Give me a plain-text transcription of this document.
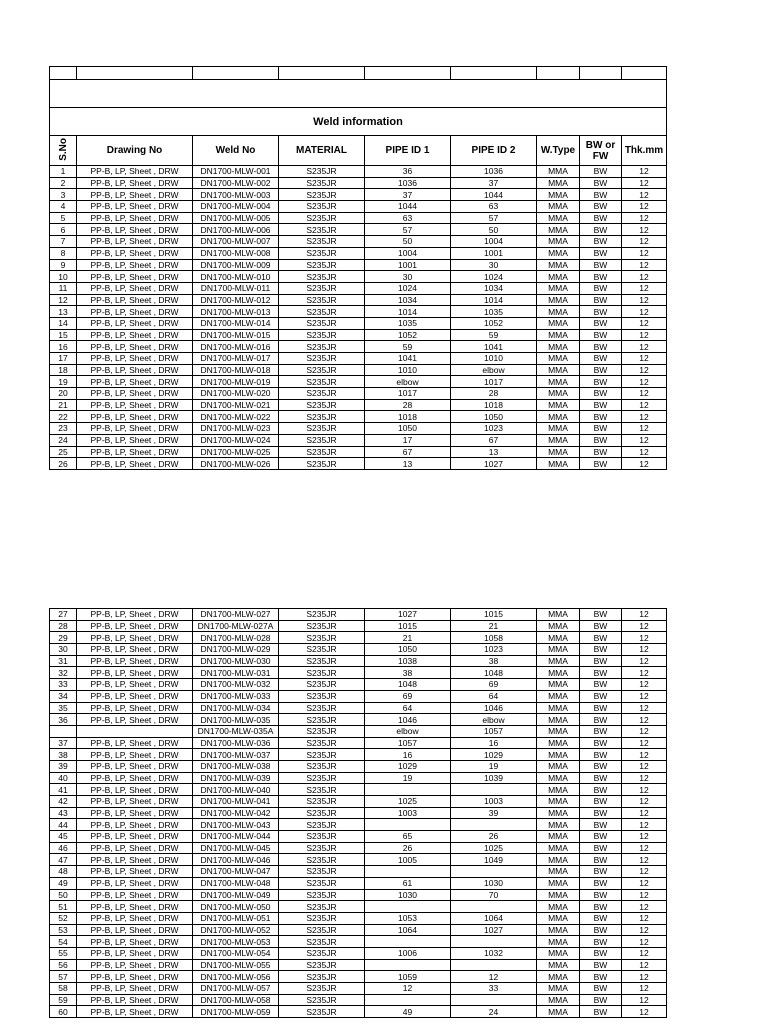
Weld information								
S.No	Drawing No	Weld No	MATERIAL	PIPE ID 1	PIPE ID 2	W.Type	BW or FW	Thk.mm
1	PP-B, LP, Sheet , DRW	DN1700-MLW-001	S235JR	36	1036	MMA	BW	12
2	PP-B, LP, Sheet , DRW	DN1700-MLW-002	S235JR	1036	37	MMA	BW	12
3	PP-B, LP, Sheet , DRW	DN1700-MLW-003	S235JR	37	1044	MMA	BW	12
4	PP-B, LP, Sheet , DRW	DN1700-MLW-004	S235JR	1044	63	MMA	BW	12
5	PP-B, LP, Sheet , DRW	DN1700-MLW-005	S235JR	63	57	MMA	BW	12
6	PP-B, LP, Sheet , DRW	DN1700-MLW-006	S235JR	57	50	MMA	BW	12
7	PP-B, LP, Sheet , DRW	DN1700-MLW-007	S235JR	50	1004	MMA	BW	12
8	PP-B, LP, Sheet , DRW	DN1700-MLW-008	S235JR	1004	1001	MMA	BW	12
9	PP-B, LP, Sheet , DRW	DN1700-MLW-009	S235JR	1001	30	MMA	BW	12
10	PP-B, LP, Sheet , DRW	DN1700-MLW-010	S235JR	30	1024	MMA	BW	12
11	PP-B, LP, Sheet , DRW	DN1700-MLW-011	S235JR	1024	1034	MMA	BW	12
12	PP-B, LP, Sheet , DRW	DN1700-MLW-012	S235JR	1034	1014	MMA	BW	12
13	PP-B, LP, Sheet , DRW	DN1700-MLW-013	S235JR	1014	1035	MMA	BW	12
14	PP-B, LP, Sheet , DRW	DN1700-MLW-014	S235JR	1035	1052	MMA	BW	12
15	PP-B, LP, Sheet , DRW	DN1700-MLW-015	S235JR	1052	59	MMA	BW	12
16	PP-B, LP, Sheet , DRW	DN1700-MLW-016	S235JR	59	1041	MMA	BW	12
17	PP-B, LP, Sheet , DRW	DN1700-MLW-017	S235JR	1041	1010	MMA	BW	12
18	PP-B, LP, Sheet , DRW	DN1700-MLW-018	S235JR	1010	elbow	MMA	BW	12
19	PP-B, LP, Sheet , DRW	DN1700-MLW-019	S235JR	elbow	1017	MMA	BW	12
20	PP-B, LP, Sheet , DRW	DN1700-MLW-020	S235JR	1017	28	MMA	BW	12
21	PP-B, LP, Sheet , DRW	DN1700-MLW-021	S235JR	28	1018	MMA	BW	12
22	PP-B, LP, Sheet , DRW	DN1700-MLW-022	S235JR	1018	1050	MMA	BW	12
23	PP-B, LP, Sheet , DRW	DN1700-MLW-023	S235JR	1050	1023	MMA	BW	12
24	PP-B, LP, Sheet , DRW	DN1700-MLW-024	S235JR	17	67	MMA	BW	12
25	PP-B, LP, Sheet , DRW	DN1700-MLW-025	S235JR	67	13	MMA	BW	12
26	PP-B, LP, Sheet , DRW	DN1700-MLW-026	S235JR	13	1027	MMA	BW	12
27	PP-B, LP, Sheet , DRW	DN1700-MLW-027	S235JR	1027	1015	MMA	BW	12
28	PP-B, LP, Sheet , DRW	DN1700-MLW-027A	S235JR	1015	21	MMA	BW	12
29	PP-B, LP, Sheet , DRW	DN1700-MLW-028	S235JR	21	1058	MMA	BW	12
30	PP-B, LP, Sheet , DRW	DN1700-MLW-029	S235JR	1050	1023	MMA	BW	12
31	PP-B, LP, Sheet , DRW	DN1700-MLW-030	S235JR	1038	38	MMA	BW	12
32	PP-B, LP, Sheet , DRW	DN1700-MLW-031	S235JR	38	1048	MMA	BW	12
33	PP-B, LP, Sheet , DRW	DN1700-MLW-032	S235JR	1048	69	MMA	BW	12
34	PP-B, LP, Sheet , DRW	DN1700-MLW-033	S235JR	69	64	MMA	BW	12
35	PP-B, LP, Sheet , DRW	DN1700-MLW-034	S235JR	64	1046	MMA	BW	12
36	PP-B, LP, Sheet , DRW	DN1700-MLW-035	S235JR	1046	elbow	MMA	BW	12
		DN1700-MLW-035A	S235JR	elbow	1057	MMA	BW	12
37	PP-B, LP, Sheet , DRW	DN1700-MLW-036	S235JR	1057	16	MMA	BW	12
38	PP-B, LP, Sheet , DRW	DN1700-MLW-037	S235JR	16	1029	MMA	BW	12
39	PP-B, LP, Sheet , DRW	DN1700-MLW-038	S235JR	1029	19	MMA	BW	12
40	PP-B, LP, Sheet , DRW	DN1700-MLW-039	S235JR	19	1039	MMA	BW	12
41	PP-B, LP, Sheet , DRW	DN1700-MLW-040	S235JR			MMA	BW	12
42	PP-B, LP, Sheet , DRW	DN1700-MLW-041	S235JR	1025	1003	MMA	BW	12
43	PP-B, LP, Sheet , DRW	DN1700-MLW-042	S235JR	1003	39	MMA	BW	12
44	PP-B, LP, Sheet , DRW	DN1700-MLW-043	S235JR			MMA	BW	12
45	PP-B, LP, Sheet , DRW	DN1700-MLW-044	S235JR	65	26	MMA	BW	12
46	PP-B, LP, Sheet , DRW	DN1700-MLW-045	S235JR	26	1025	MMA	BW	12
47	PP-B, LP, Sheet , DRW	DN1700-MLW-046	S235JR	1005	1049	MMA	BW	12
48	PP-B, LP, Sheet , DRW	DN1700-MLW-047	S235JR			MMA	BW	12
49	PP-B, LP, Sheet , DRW	DN1700-MLW-048	S235JR	61	1030	MMA	BW	12
50	PP-B, LP, Sheet , DRW	DN1700-MLW-049	S235JR	1030	70	MMA	BW	12
51	PP-B, LP, Sheet , DRW	DN1700-MLW-050	S235JR			MMA	BW	12
52	PP-B, LP, Sheet , DRW	DN1700-MLW-051	S235JR	1053	1064	MMA	BW	12
53	PP-B, LP, Sheet , DRW	DN1700-MLW-052	S235JR	1064	1027	MMA	BW	12
54	PP-B, LP, Sheet , DRW	DN1700-MLW-053	S235JR			MMA	BW	12
55	PP-B, LP, Sheet , DRW	DN1700-MLW-054	S235JR	1006	1032	MMA	BW	12
56	PP-B, LP, Sheet , DRW	DN1700-MLW-055	S235JR			MMA	BW	12
57	PP-B, LP, Sheet , DRW	DN1700-MLW-056	S235JR	1059	12	MMA	BW	12
58	PP-B, LP, Sheet , DRW	DN1700-MLW-057	S235JR	12	33	MMA	BW	12
59	PP-B, LP, Sheet , DRW	DN1700-MLW-058	S235JR			MMA	BW	12
60	PP-B, LP, Sheet , DRW	DN1700-MLW-059	S235JR	49	24	MMA	BW	12
